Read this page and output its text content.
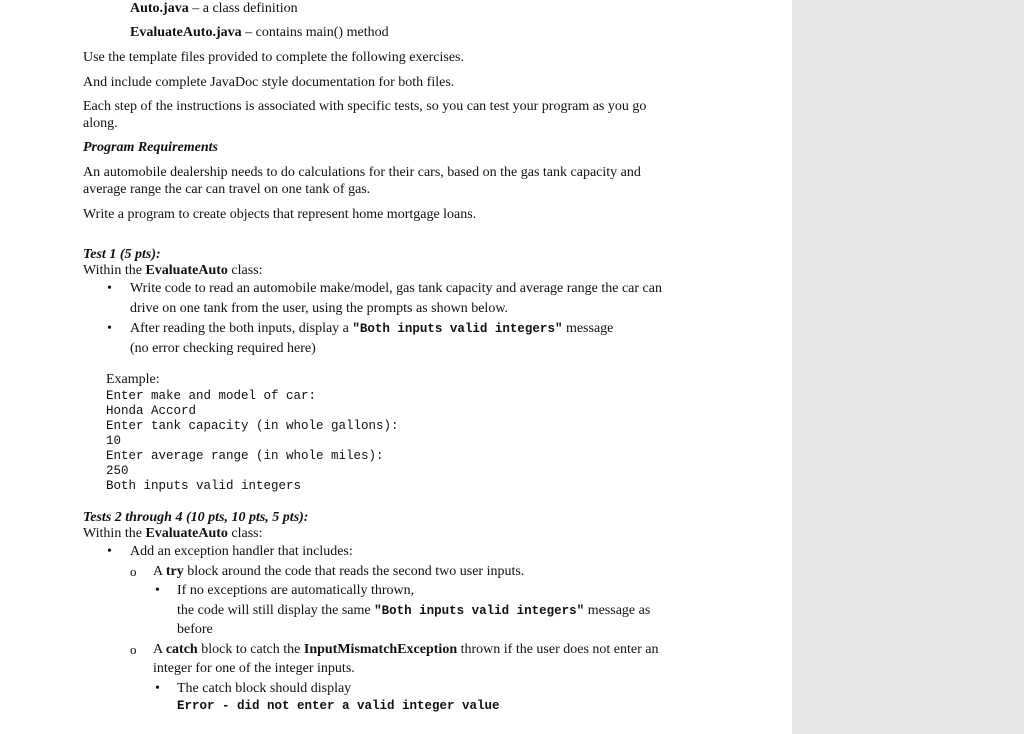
Auto.java – a class definition
EvaluateAuto.java – contains main() method
Use the template files provided to complete the following exercises.
And include complete JavaDoc style documentation for both files.
Each step of the instructions is associated with specific tests, so you can test your program as you go
along.
Program Requirements
An automobile dealership needs to do calculations for their cars, based on the gas tank capacity and
average range the car can travel on one tank of gas.
Write a program to create objects that represent home mortgage loans.
Test 1 (5 pts):
Within the EvaluateAuto class:
• Write code to read an automobile make/model, gas tank capacity and average range the car can
drive on one tank from the user, using the prompts as shown below.
• After reading the both inputs, display a "Both inputs valid integers" message
(no error checking required here)
Example:
Enter make and model of car:
Honda Accord
Enter tank capacity (in whole gallons):
10
Enter average range (in whole miles):
250
Both inputs valid integers
Tests 2 through 4 (10 pts, 10 pts, 5 pts):
Within the EvaluateAuto class:
• Add an exception handler that includes:
o A try block around the code that reads the second two user inputs.
• If no exceptions are automatically thrown,
the code will still display the same "Both inputs valid integers" message as
before
o A catch block to catch the InputMismatchException thrown if the user does not enter an
integer for one of the integer inputs.
• The catch block should display
Error - did not enter a valid integer value
